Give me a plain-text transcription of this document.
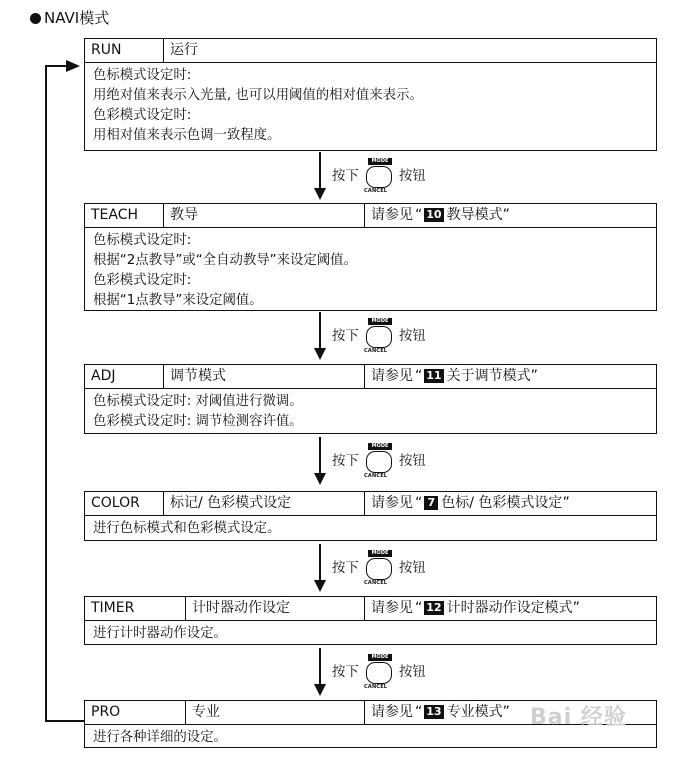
NAVI模式
RUN	运行
色标模式设定时:
用绝对值来表示入光量, 也可以用阈值的相对值来表示。
色彩模式设定时:
用相对值来表示色调一致程度。
按下
MODE
CANCEL
按钮
TEACH	教导	请参见 “ 10 教导模式”
色标模式设定时:
根据“2点教导”或“全自动教导”来设定阈值。
色彩模式设定时:
根据“1点教导”来设定阈值。
按下
MODE
CANCEL
按钮
ADJ	调节模式	请参见 “ 11 关于调节模式”
色标模式设定时: 对阈值进行微调。
色彩模式设定时: 调节检测容许值。
按下
MODE
CANCEL
按钮
COLOR	标记/ 色彩模式设定	请参见 “ 7 色标/ 色彩模式设定”
进行色标模式和色彩模式设定。
按下
MODE
CANCEL
按钮
TIMER	计时器动作设定	请参见 “ 12 计时器动作设定模式”
进行计时器动作设定。
按下
MODE
CANCEL
按钮
PRO	专业	请参见 “ 13 专业模式”
进行各种详细的设定。
Bai 经验
